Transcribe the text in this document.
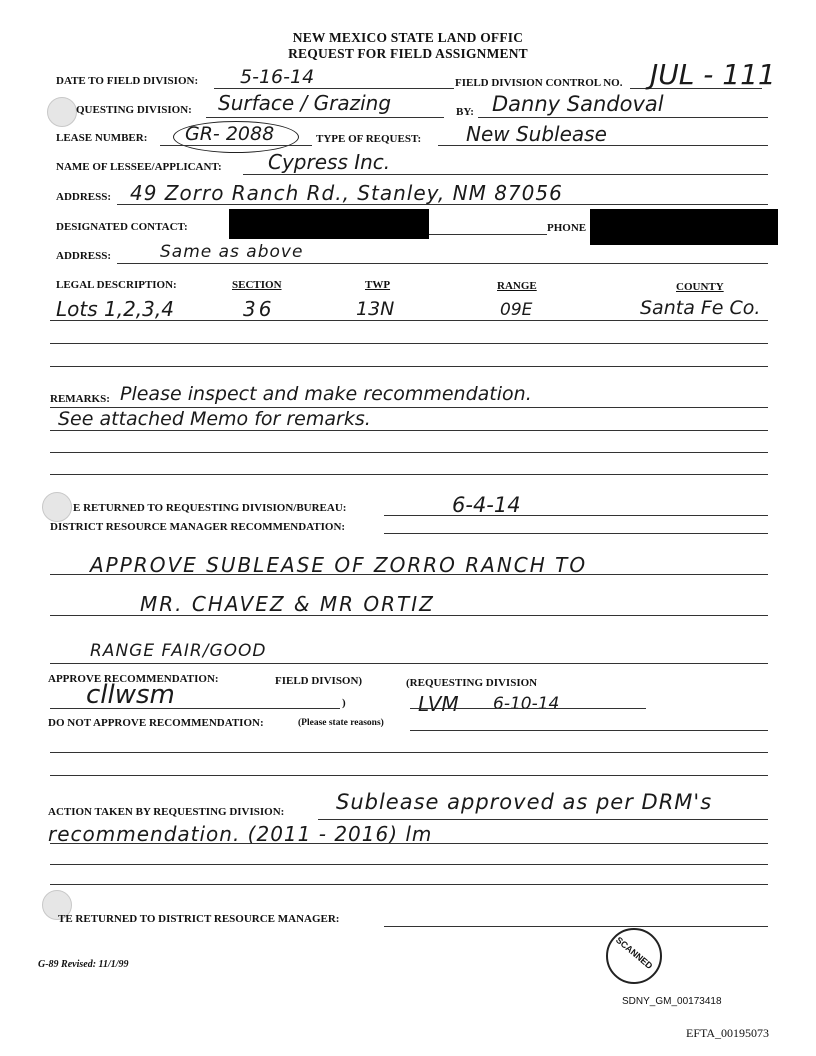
NEW MEXICO STATE LAND OFFIC
REQUEST FOR FIELD ASSIGNMENT
DATE TO FIELD DIVISION: 5-16-14	FIELD DIVISION CONTROL NO. JUL - 111
QUESTING DIVISION: Surface / Grazing	BY: Danny Sandoval
LEASE NUMBER: GR- 2088	TYPE OF REQUEST: New Sublease
NAME OF LESSEE/APPLICANT: Cypress Inc.
ADDRESS: 49 Zorro Ranch Rd., Stanley, NM 87056
DESIGNATED CONTACT:	PHONE
ADDRESS:	Same as above
LEGAL DESCRIPTION:	SECTION	TWP	RANGE	COUNTY
Lots 1,2,3,4	36	13N	09E	Santa Fe Co.
REMARKS: Please inspect and make recommendation.
See attached Memo for remarks.
E RETURNED TO REQUESTING DIVISION/BUREAU:	6-4-14
DISTRICT RESOURCE MANAGER RECOMMENDATION:
APPROVE SUBLEASE OF ZORRO RANCH TO
MR. CHAVEZ & MR ORTIZ
RANGE FAIR/GOOD
APPROVE RECOMMENDATION:	FIELD DIVISON)	(REQUESTING DIVISION
cllwsm	)	LVM 6-10-14
DO NOT APPROVE RECOMMENDATION:	(Please state reasons)
ACTION TAKEN BY REQUESTING DIVISION: Sublease approved as per DRM's
recommendation. (2011 - 2016) lm
TE RETURNED TO DISTRICT RESOURCE MANAGER:
SCANNED
G-89 Revised: 11/1/99
SDNY_GM_00173418
EFTA_00195073
